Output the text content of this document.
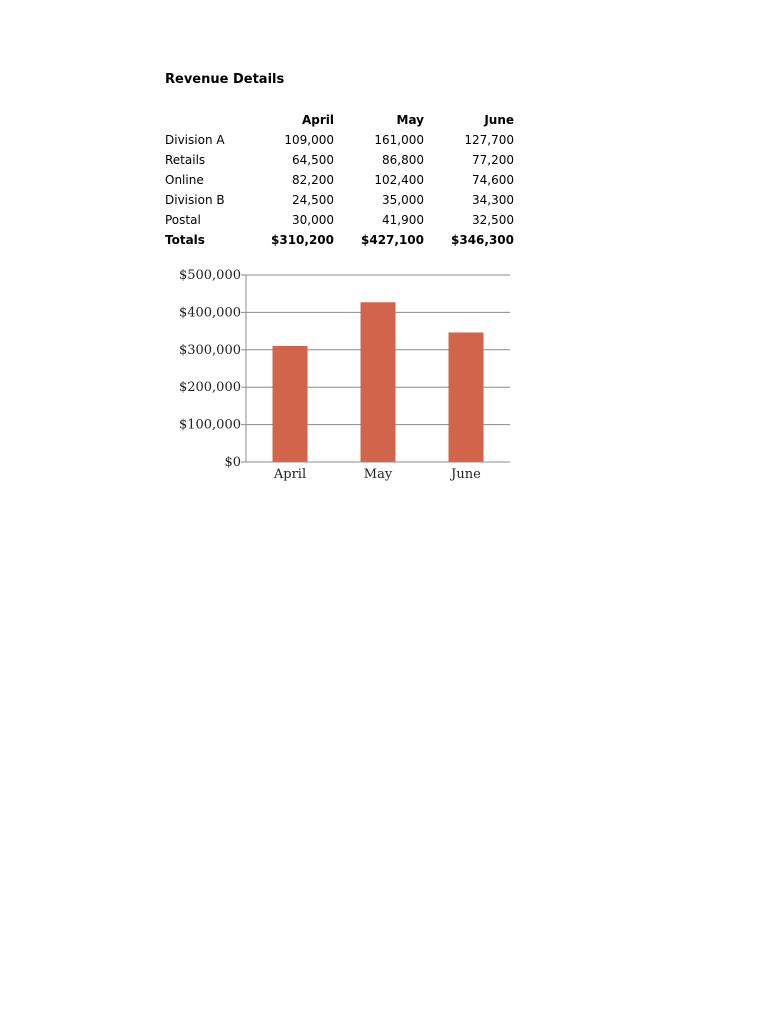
Revenue Details
	April	May	June
Division A	109,000	161,000	127,700
Retails	64,500	86,800	77,200
Online	82,200	102,400	74,600
Division B	24,500	35,000	34,300
Postal	30,000	41,900	32,500
Totals	$310,200	$427,100	$346,300
$0
$100,000
$200,000
$300,000
$400,000
$500,000
April	May	June
